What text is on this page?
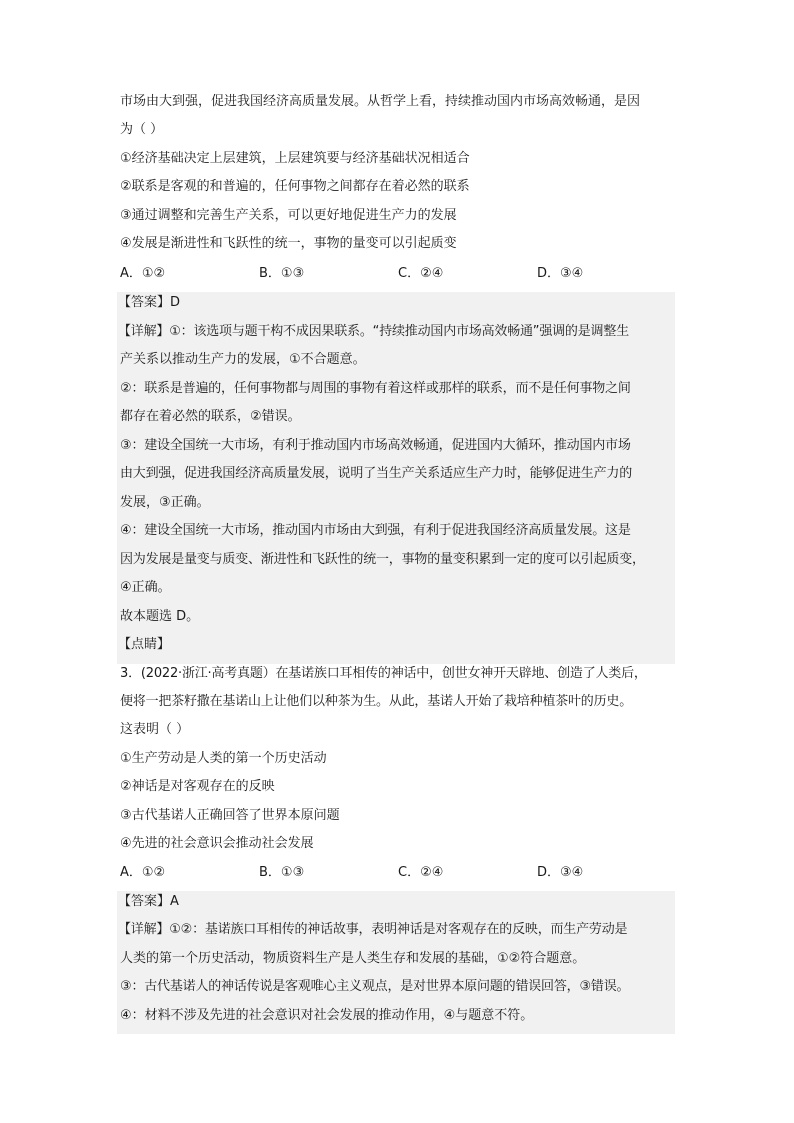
市场由大到强，促进我国经济高质量发展。从哲学上看，持续推动国内市场高效畅通，是因
为（ ）
①经济基础决定上层建筑，上层建筑要与经济基础状况相适合
②联系是客观的和普遍的，任何事物之间都存在着必然的联系
③通过调整和完善生产关系，可以更好地促进生产力的发展
④发展是渐进性和飞跃性的统一，事物的量变可以引起质变
A．①②	B．①③	C．②④	D．③④
【答案】D
【详解】①：该选项与题干构不成因果联系。“持续推动国内市场高效畅通”强调的是调整生
产关系以推动生产力的发展，①不合题意。
②：联系是普遍的，任何事物都与周围的事物有着这样或那样的联系，而不是任何事物之间
都存在着必然的联系，②错误。
③：建设全国统一大市场，有利于推动国内市场高效畅通，促进国内大循环，推动国内市场
由大到强，促进我国经济高质量发展，说明了当生产关系适应生产力时，能够促进生产力的
发展，③正确。
④：建设全国统一大市场，推动国内市场由大到强，有利于促进我国经济高质量发展。这是
因为发展是量变与质变、渐进性和飞跃性的统一，事物的量变积累到一定的度可以引起质变，
④正确。
故本题选 D。
【点睛】
3．(2022·浙江·高考真题）在基诺族口耳相传的神话中，创世女神开天辟地、创造了人类后，
便将一把茶籽撒在基诺山上让他们以种茶为生。从此，基诺人开始了栽培种植茶叶的历史。
这表明（ ）
①生产劳动是人类的第一个历史活动
②神话是对客观存在的反映
③古代基诺人正确回答了世界本原问题
④先进的社会意识会推动社会发展
A．①②	B．①③	C．②④	D．③④
【答案】A
【详解】①②：基诺族口耳相传的神话故事，表明神话是对客观存在的反映，而生产劳动是
人类的第一个历史活动，物质资料生产是人类生存和发展的基础，①②符合题意。
③：古代基诺人的神话传说是客观唯心主义观点，是对世界本原问题的错误回答，③错误。
④：材料不涉及先进的社会意识对社会发展的推动作用，④与题意不符。
